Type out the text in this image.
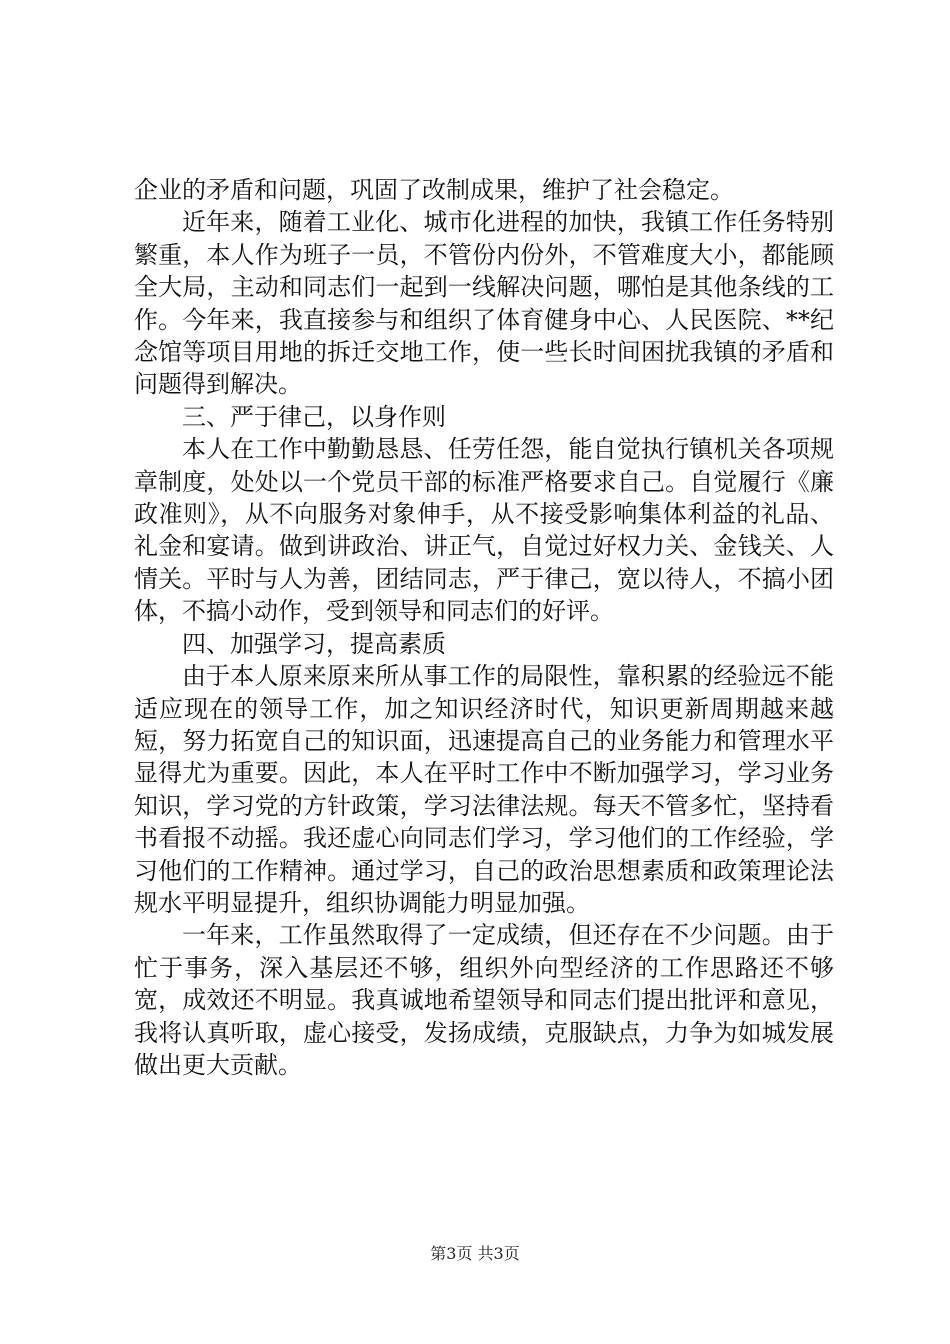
企业的矛盾和问题，巩固了改制成果，维护了社会稳定。

近年来，随着工业化、城市化进程的加快，我镇工作任务特别繁重，本人作为班子一员，不管份内份外，不管难度大小，都能顾全大局，主动和同志们一起到一线解决问题，哪怕是其他条线的工作。今年来，我直接参与和组织了体育健身中心、人民医院、**纪念馆等项目用地的拆迁交地工作，使一些长时间困扰我镇的矛盾和问题得到解决。

三、严于律己，以身作则

本人在工作中勤勤恳恳、任劳任怨，能自觉执行镇机关各项规章制度，处处以一个党员干部的标准严格要求自己。自觉履行《廉政准则》，从不向服务对象伸手，从不接受影响集体利益的礼品、礼金和宴请。做到讲政治、讲正气，自觉过好权力关、金钱关、人情关。平时与人为善，团结同志，严于律己，宽以待人，不搞小团体，不搞小动作，受到领导和同志们的好评。

四、加强学习，提高素质

由于本人原来原来所从事工作的局限性，靠积累的经验远不能适应现在的领导工作，加之知识经济时代，知识更新周期越来越短，努力拓宽自己的知识面，迅速提高自己的业务能力和管理水平显得尤为重要。因此，本人在平时工作中不断加强学习，学习业务知识，学习党的方针政策，学习法律法规。每天不管多忙，坚持看书看报不动摇。我还虚心向同志们学习，学习他们的工作经验，学习他们的工作精神。通过学习，自己的政治思想素质和政策理论法规水平明显提升，组织协调能力明显加强。

一年来，工作虽然取得了一定成绩，但还存在不少问题。由于忙于事务，深入基层还不够，组织外向型经济的工作思路还不够宽，成效还不明显。我真诚地希望领导和同志们提出批评和意见，我将认真听取，虚心接受，发扬成绩，克服缺点，力争为如城发展做出更大贡献。

第3页 共3页
